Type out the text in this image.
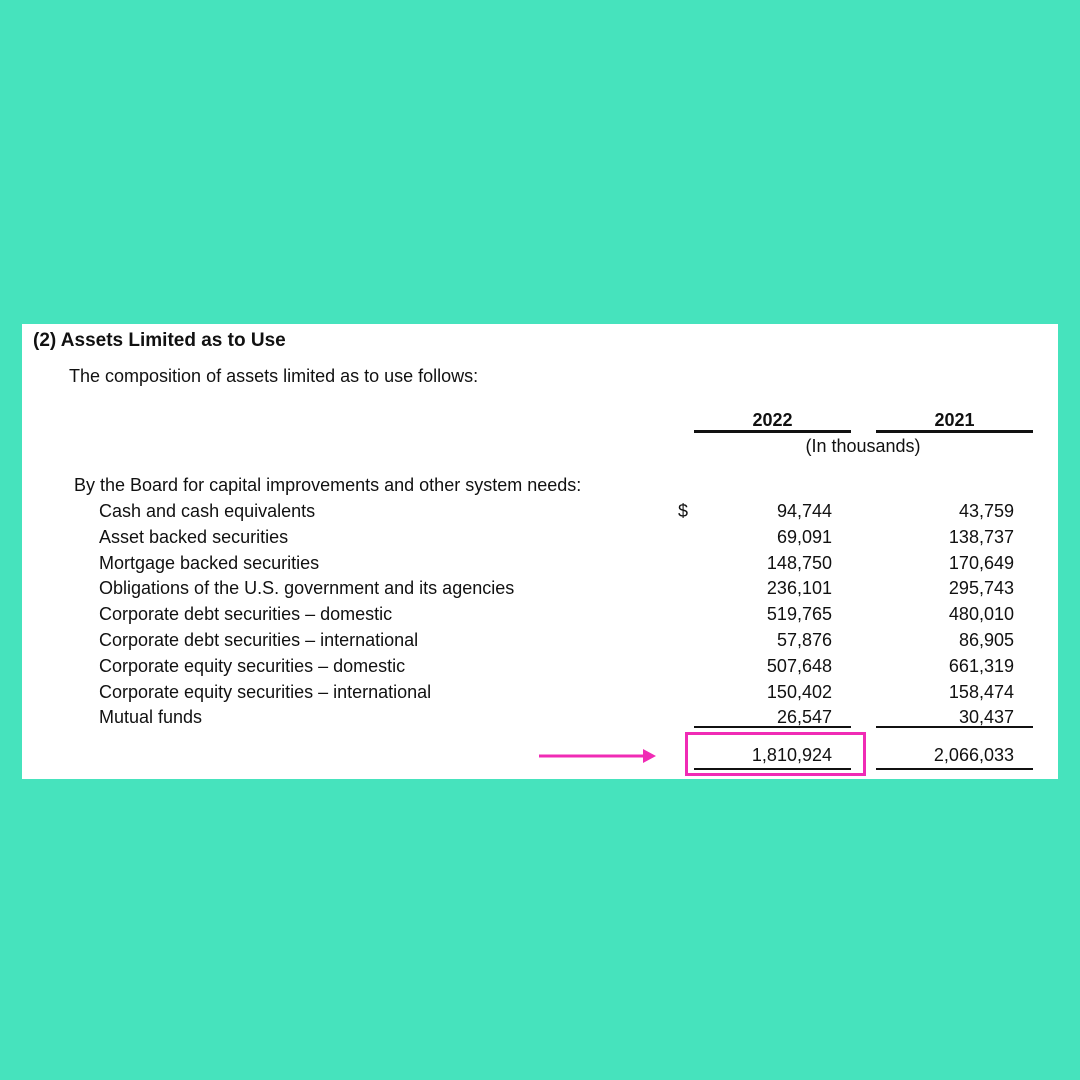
(2) Assets Limited as to Use
The composition of assets limited as to use follows:
2022	2021
(In thousands)
By the Board for capital improvements and other system needs:
$
Cash and cash equivalents	94,744	43,759
Asset backed securities	69,091	138,737
Mortgage backed securities	148,750	170,649
Obligations of the U.S. government and its agencies	236,101	295,743
Corporate debt securities – domestic	519,765	480,010
Corporate debt securities – international	57,876	86,905
Corporate equity securities – domestic	507,648	661,319
Corporate equity securities – international	150,402	158,474
Mutual funds	26,547	30,437
1,810,924	2,066,033
